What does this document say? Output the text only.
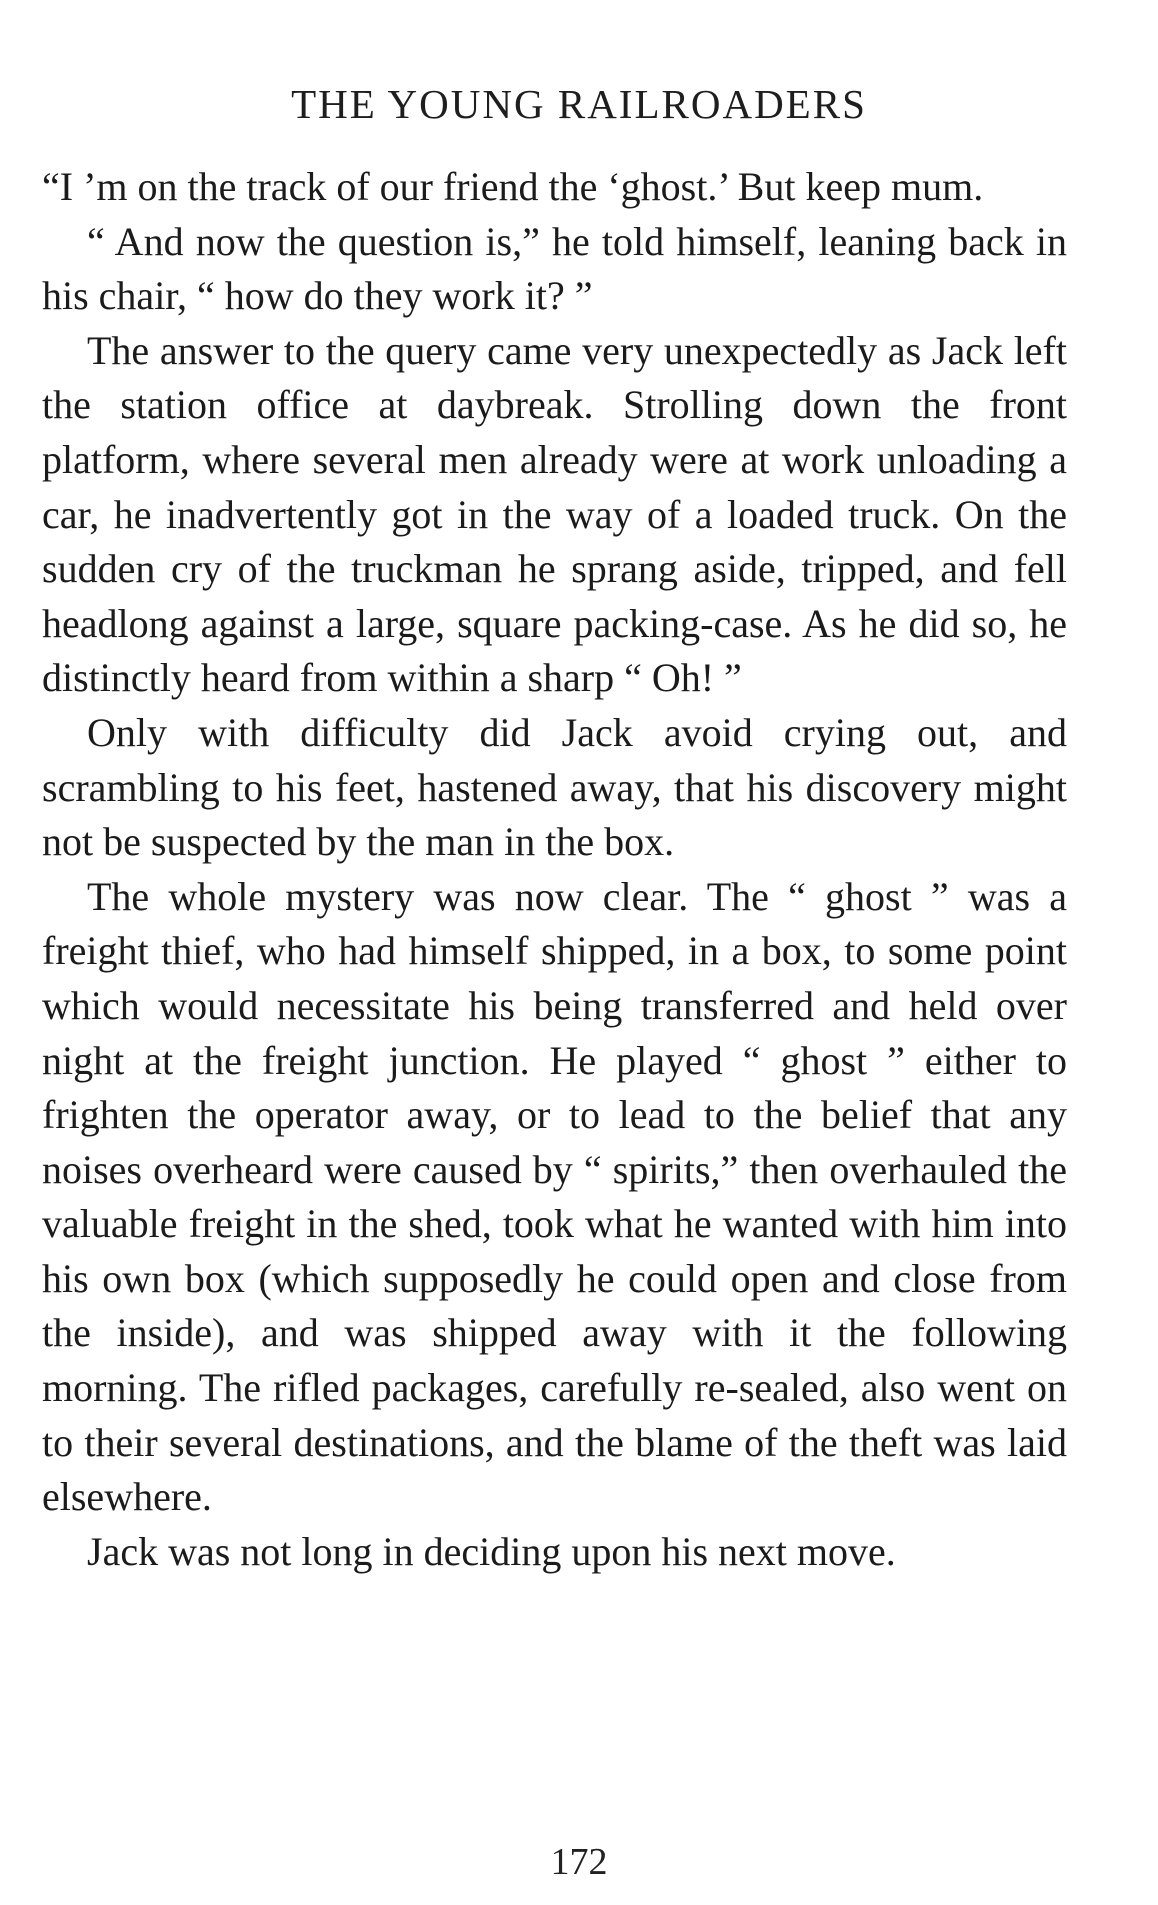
THE YOUNG RAILROADERS

“I ’m on the track of our friend the ‘ghost.’ But keep mum.

“ And now the question is,” he told himself, leaning back in his chair, “ how do they work it? ”

The answer to the query came very unexpectedly as Jack left the station office at daybreak. Strolling down the front platform, where several men already were at work unloading a car, he inadvertently got in the way of a loaded truck. On the sudden cry of the truckman he sprang aside, tripped, and fell headlong against a large, square packing-case. As he did so, he distinctly heard from within a sharp “ Oh! ”

Only with difficulty did Jack avoid crying out, and scrambling to his feet, hastened away, that his discovery might not be suspected by the man in the box.

The whole mystery was now clear. The “ ghost ” was a freight thief, who had himself shipped, in a box, to some point which would necessitate his being transferred and held over night at the freight junction. He played “ ghost ” either to frighten the operator away, or to lead to the belief that any noises overheard were caused by “ spirits,” then overhauled the valuable freight in the shed, took what he wanted with him into his own box (which supposedly he could open and close from the inside), and was shipped away with it the following morning. The rifled packages, carefully re-sealed, also went on to their several destinations, and the blame of the theft was laid elsewhere.

Jack was not long in deciding upon his next move.

172
